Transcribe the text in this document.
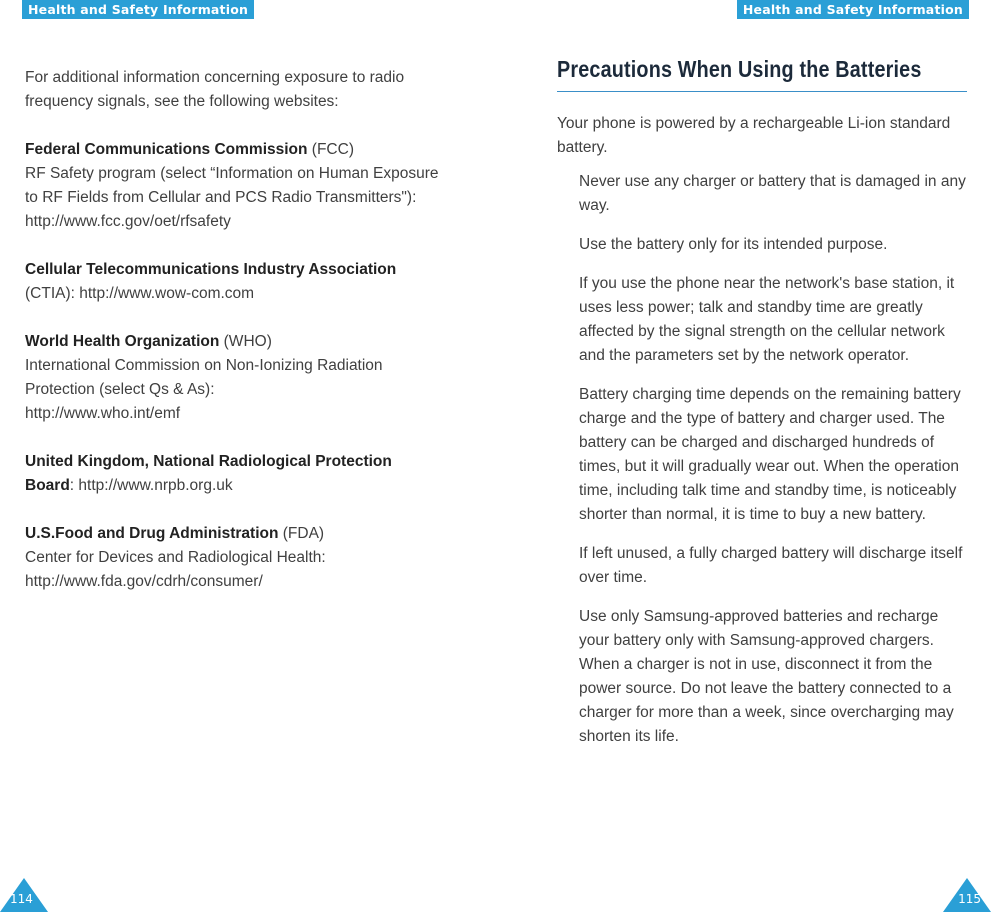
Health and Safety Information	Health and Safety Information

For additional information concerning exposure to radio frequency signals, see the following websites:

Federal Communications Commission (FCC)
RF Safety program (select “Information on Human Exposure to RF Fields from Cellular and PCS Radio Transmitters"):
http://www.fcc.gov/oet/rfsafety

Cellular Telecommunications Industry Association
(CTIA): http://www.wow-com.com

World Health Organization (WHO)
International Commission on Non-Ionizing Radiation Protection (select Qs & As):
http://www.who.int/emf

United Kingdom, National Radiological Protection Board: http://www.nrpb.org.uk

U.S.Food and Drug Administration (FDA)
Center for Devices and Radiological Health:
http://www.fda.gov/cdrh/consumer/

Precautions When Using the Batteries

Your phone is powered by a rechargeable Li-ion standard battery.

Never use any charger or battery that is damaged in any way.
Use the battery only for its intended purpose.
If you use the phone near the network's base station, it uses less power; talk and standby time are greatly affected by the signal strength on the cellular network and the parameters set by the network operator.
Battery charging time depends on the remaining battery charge and the type of battery and charger used. The battery can be charged and discharged hundreds of times, but it will gradually wear out. When the operation time, including talk time and standby time, is noticeably shorter than normal, it is time to buy a new battery.
If left unused, a fully charged battery will discharge itself over time.
Use only Samsung-approved batteries and recharge your battery only with Samsung-approved chargers. When a charger is not in use, disconnect it from the power source. Do not leave the battery connected to a charger for more than a week, since overcharging may shorten its life.
114	115
